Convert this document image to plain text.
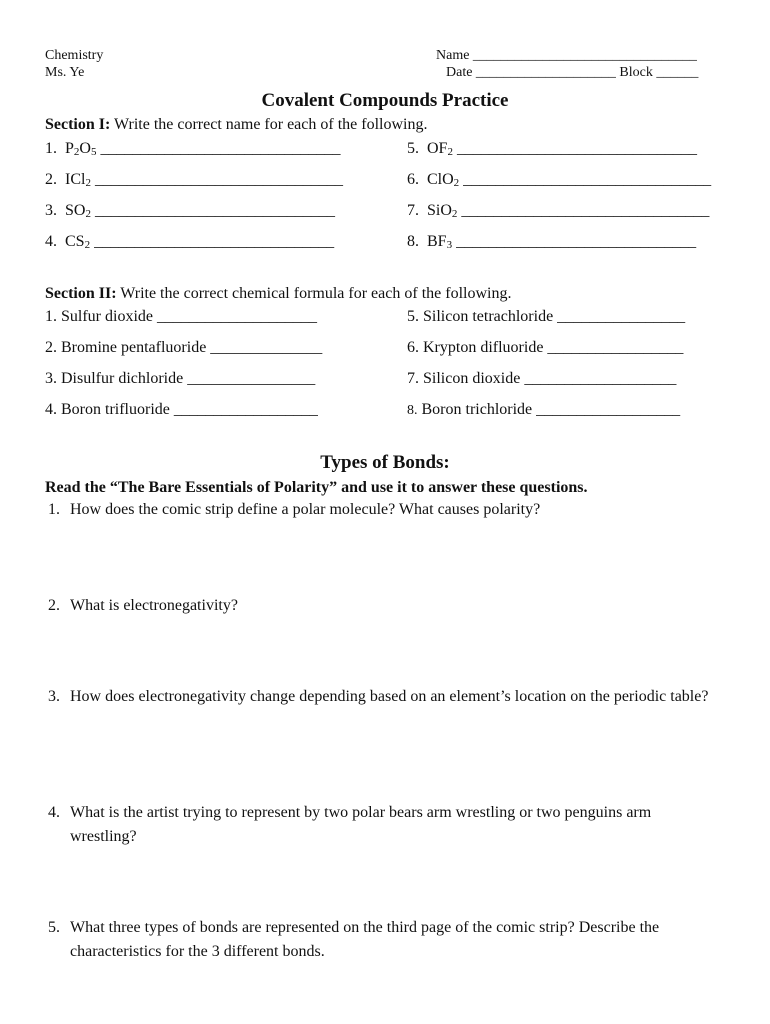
Chemistry
Ms. Ye
Name ________________________________
Date ____________________ Block ______
Covalent Compounds Practice
Section I: Write the correct name for each of the following.
1. $P_2O_5$ ______________________________
2. ICl$_2$ _______________________________
3. $SO_2$ ______________________________
4. $CS_2$ ______________________________
5. $OF_2$ ______________________________
6. ClO$_2$ _______________________________
7. SiO$_2$ _______________________________
8. $BF_3$ ______________________________
Section II: Write the correct chemical formula for each of the following.
1. Sulfur dioxide ____________________
2. Bromine pentafluoride ______________
3. Disulfur dichloride ________________
4. Boron trifluoride __________________
5. Silicon tetrachloride ________________
6. Krypton difluoride _________________
7. Silicon dioxide ___________________
8. Boron trichloride __________________
Types of Bonds:
Read the “The Bare Essentials of Polarity” and use it to answer these questions.
1. How does the comic strip define a polar molecule? What causes polarity?
2. What is electronegativity?
3. How does electronegativity change depending based on an element’s location on the periodic table?
4. What is the artist trying to represent by two polar bears arm wrestling or two penguins arm wrestling?
5. What three types of bonds are represented on the third page of the comic strip? Describe the characteristics for the 3 different bonds.
